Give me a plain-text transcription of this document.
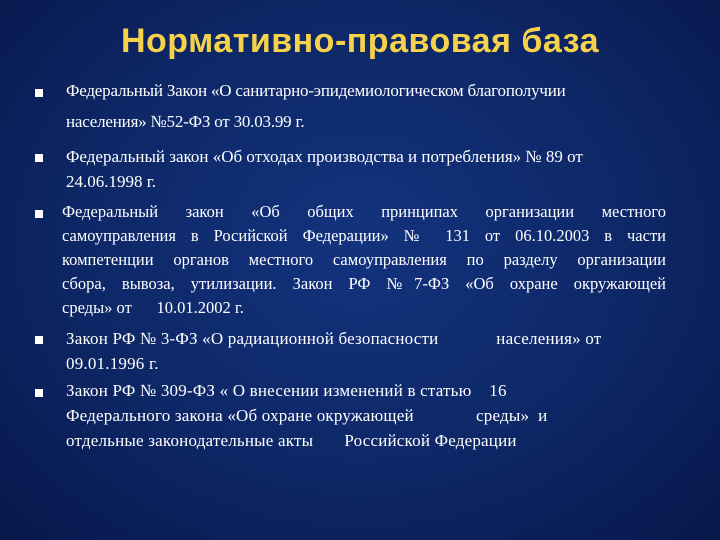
Нормативно-правовая база
Федеральный Закон «О санитарно-эпидемиологическом благополучии
населения» №52-ФЗ от 30.03.99 г.
Федеральный закон «Об отходах производства и потребления» № 89 от
24.06.1998 г.
Федеральный закон «Об общих принципах организации местного
самоуправления в Росийской Федерации» № 131 от 06.10.2003 в части
компетенции органов местного самоуправления по разделу организации
сбора, вывоза, утилизации. Закон РФ №7-ФЗ «Об охране окружающей
среды» от      10.01.2002 г.
Закон РФ № 3-ФЗ «О радиационной безопасности             населения» от
09.01.1996 г.
Закон РФ № 309-ФЗ « О внесении изменений в статью    16
Федерального закона «Об охране окружающей              среды»  и
отдельные законодательные акты       Российской Федерации
